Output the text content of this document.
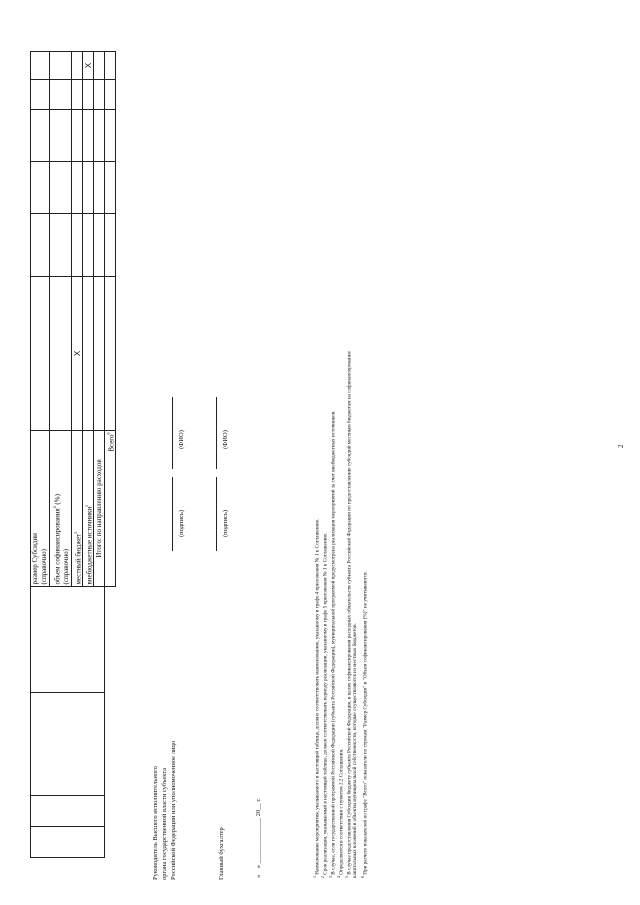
2
				размер Субсидии
(справочно)						
				объем софинансирования$^4$ (%)
(справочно)						
				местный бюджет$^5$	X					
				внебюджетные источники$^5$						X
				Итого: по направлению расходов						
				Всего$^6$						
Руководитель Высшего исполнительного органа государственной власти субъекта Российской Федерации или уполномоченное лицо
(подпись)
(ФИО)
Главный бухгалтер
(подпись)
(ФИО)
«    » ______________ 20__ г.
$^1$ Наименование мероприятия, указываемого в настоящей таблице, должно соответствовать наименованию, указанному в графе 4 приложения № 1 к Соглашению.
$^2$ Срок реализации, указываемый в настоящей таблице, должен соответствовать периоду реализации, указанному в графе 5 приложения № 1 к Соглашению.
$^3$ В случае, если государственной программой Российской Федерации (субъекта Российской Федерации), муниципальной программой предусмотрена реализация мероприятий за счет внебюджетных источников.
$^4$ Определяется в соответствии с пунктом 2.2 Соглашения.
$^5$ В случае предоставления Субсидии бюджету субъекта Российской Федерации, в целях софинансирования расходных обязательств субъекта Российской Федерации по предоставлению субсидий местным бюджетам на софинансирование капитальных вложений в объекты муниципальной собственности, которые осуществляются из местных бюджетов. $^6$ При расчете показателей по графе "Всего" показатели по строкам "Размер Субсидии" и "Объем софинансирования (%)" не учитываются.
